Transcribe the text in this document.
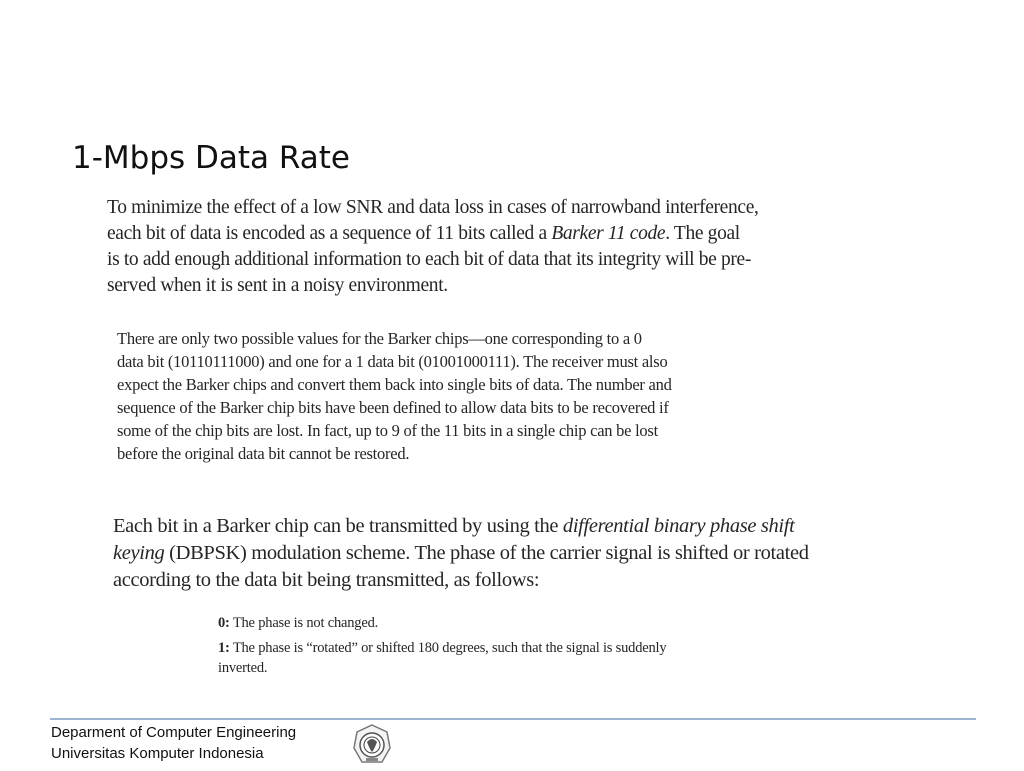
1-Mbps Data Rate
To minimize the effect of a low SNR and data loss in cases of narrowband interference,
each bit of data is encoded as a sequence of 11 bits called a Barker 11 code. The goal
is to add enough additional information to each bit of data that its integrity will be pre-
served when it is sent in a noisy environment.
There are only two possible values for the Barker chips—one corresponding to a 0
data bit (10110111000) and one for a 1 data bit (01001000111). The receiver must also
expect the Barker chips and convert them back into single bits of data. The number and
sequence of the Barker chip bits have been defined to allow data bits to be recovered if
some of the chip bits are lost. In fact, up to 9 of the 11 bits in a single chip can be lost
before the original data bit cannot be restored.
Each bit in a Barker chip can be transmitted by using the differential binary phase shift
keying (DBPSK) modulation scheme. The phase of the carrier signal is shifted or rotated
according to the data bit being transmitted, as follows:
0: The phase is not changed.
1: The phase is “rotated” or shifted 180 degrees, such that the signal is suddenly
inverted.
Deparment of Computer Engineering
Universitas Komputer Indonesia
